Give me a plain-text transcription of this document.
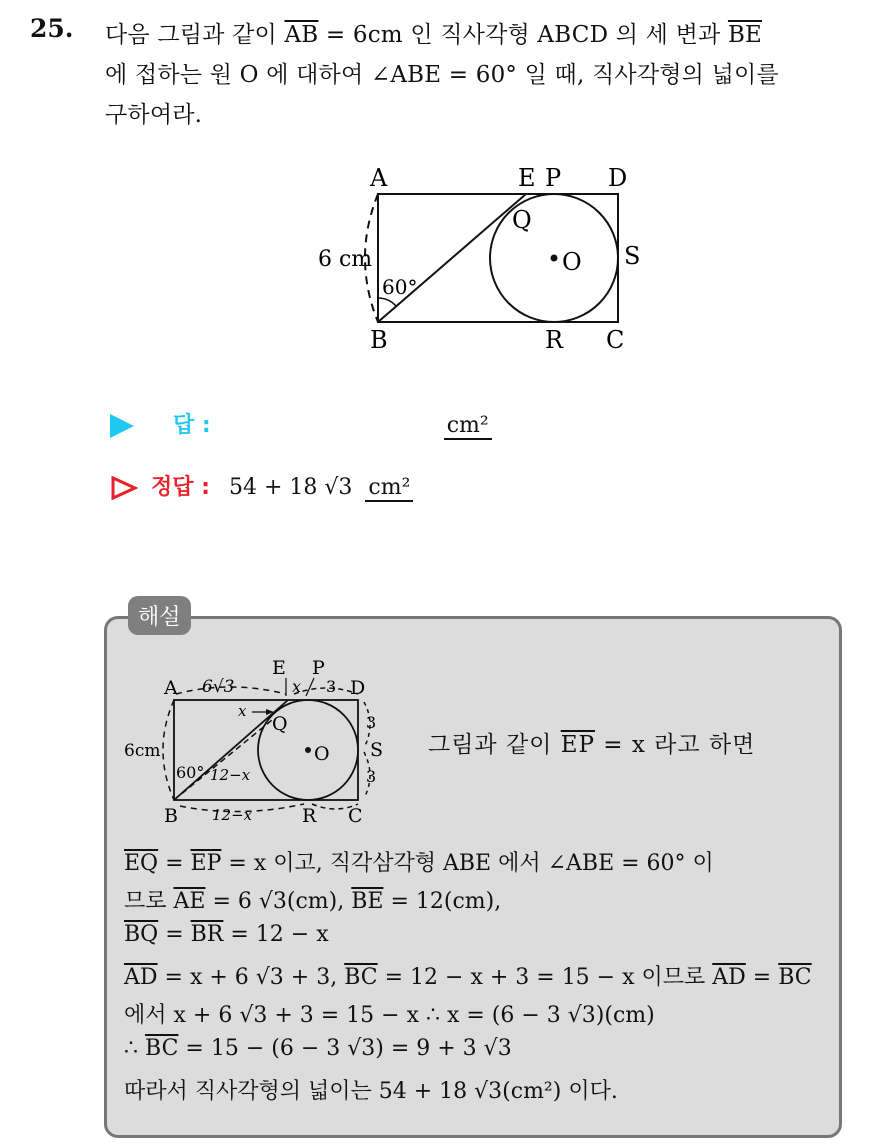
25. 다음 그림과 같이 $\overline{AB} = 6cm$ 인 직사각형 ABCD 의 세 변과 $\overline{BE}$
에 접하는 원 O 에 대하여 ∠ABE = 60° 일 때, 직사각형의 넓이를
구하여라.
A
B	C
D
E P
Q
R
S
O
6 cm
60°
답 :	cm²
정답 : 54 + 18 √3 cm²
해설
A
B	C
D
E P
Q
R
S
O
6√3	x 3
6cm
60° 12−x
12−x
3
3
x
그림과 같이 $\overline{EP} = x$ 라고 하면
$\overline{EQ} = \overline{EP} = x$ 이고, 직각삼각형 ABE 에서 ∠ABE = 60° 이
므로 $\overline{AE} = 6$ √3(cm), $\overline{BE} = 12(cm)$,
$\overline{BQ} = \overline{BR} = 12 - x$
$\overline{AD} = x + 6$ √3 + 3, $\overline{BC} = 12 - x + 3 = 15 - x$ 이므로 $\overline{AD} = \overline{BC}$
에서 x + 6 √3 + 3 = 15 − x ∴ x = (6 − 3 √3)(cm)
∴ $\overline{BC} = 15 - (6 - 3$ √3) = 9 + 3 √3
따라서 직사각형의 넓이는 54 + 18 √3(cm²) 이다.
